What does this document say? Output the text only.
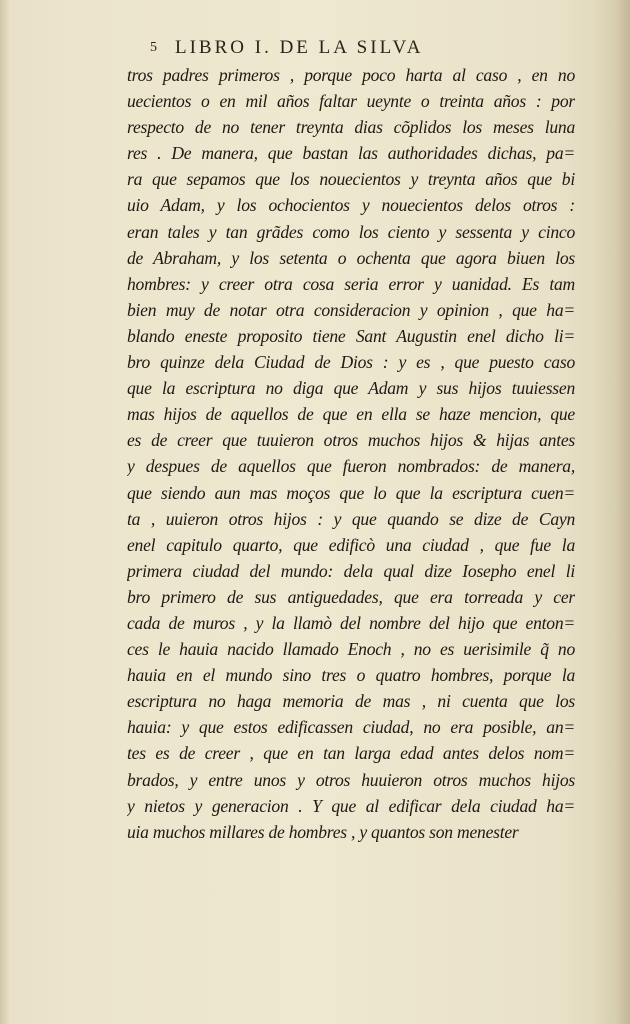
5 LIBRO I. DE LA SILVA
tros padres primeros , porque poco harta al caso , en no
uecientos o en mil años faltar ueynte o treinta años : por
respecto de no tener treynta dias cõplidos los meses luna
res . De manera, que bastan las authoridades dichas, pa=
ra que sepamos que los nouecientos y treynta años que bi
uio Adam, y los ochocientos y nouecientos delos otros :
eran tales y tan grãdes como los ciento y sessenta y cinco
de Abraham, y los setenta o ochenta que agora biuen los
hombres: y creer otra cosa seria error y uanidad. Es tam
bien muy de notar otra consideracion y opinion , que ha=
blando eneste proposito tiene Sant Augustin enel dicho li=
bro quinze dela Ciudad de Dios : y es , que puesto caso
que la escriptura no diga que Adam y sus hijos tuuiessen
mas hijos de aquellos de que en ella se haze mencion, que
es de creer que tuuieron otros muchos hijos & hijas antes
y despues de aquellos que fueron nombrados: de manera,
que siendo aun mas moços que lo que la escriptura cuen=
ta , uuieron otros hijos : y que quando se dize de Cayn
enel capitulo quarto, que edificò una ciudad , que fue la
primera ciudad del mundo: dela qual dize Iosepho enel li
bro primero de sus antiguedades, que era torreada y cer
cada de muros , y la llamò del nombre del hijo que enton=
ces le hauia nacido llamado Enoch , no es uerisimile q̃ no
hauia en el mundo sino tres o quatro hombres, porque la
escriptura no haga memoria de mas , ni cuenta que los
hauia: y que estos edificassen ciudad, no era posible, an=
tes es de creer , que en tan larga edad antes delos nom=
brados, y entre unos y otros huuieron otros muchos hijos
y nietos y generacion . Y que al edificar dela ciudad ha=
uia muchos millares de hombres , y quantos son menester
